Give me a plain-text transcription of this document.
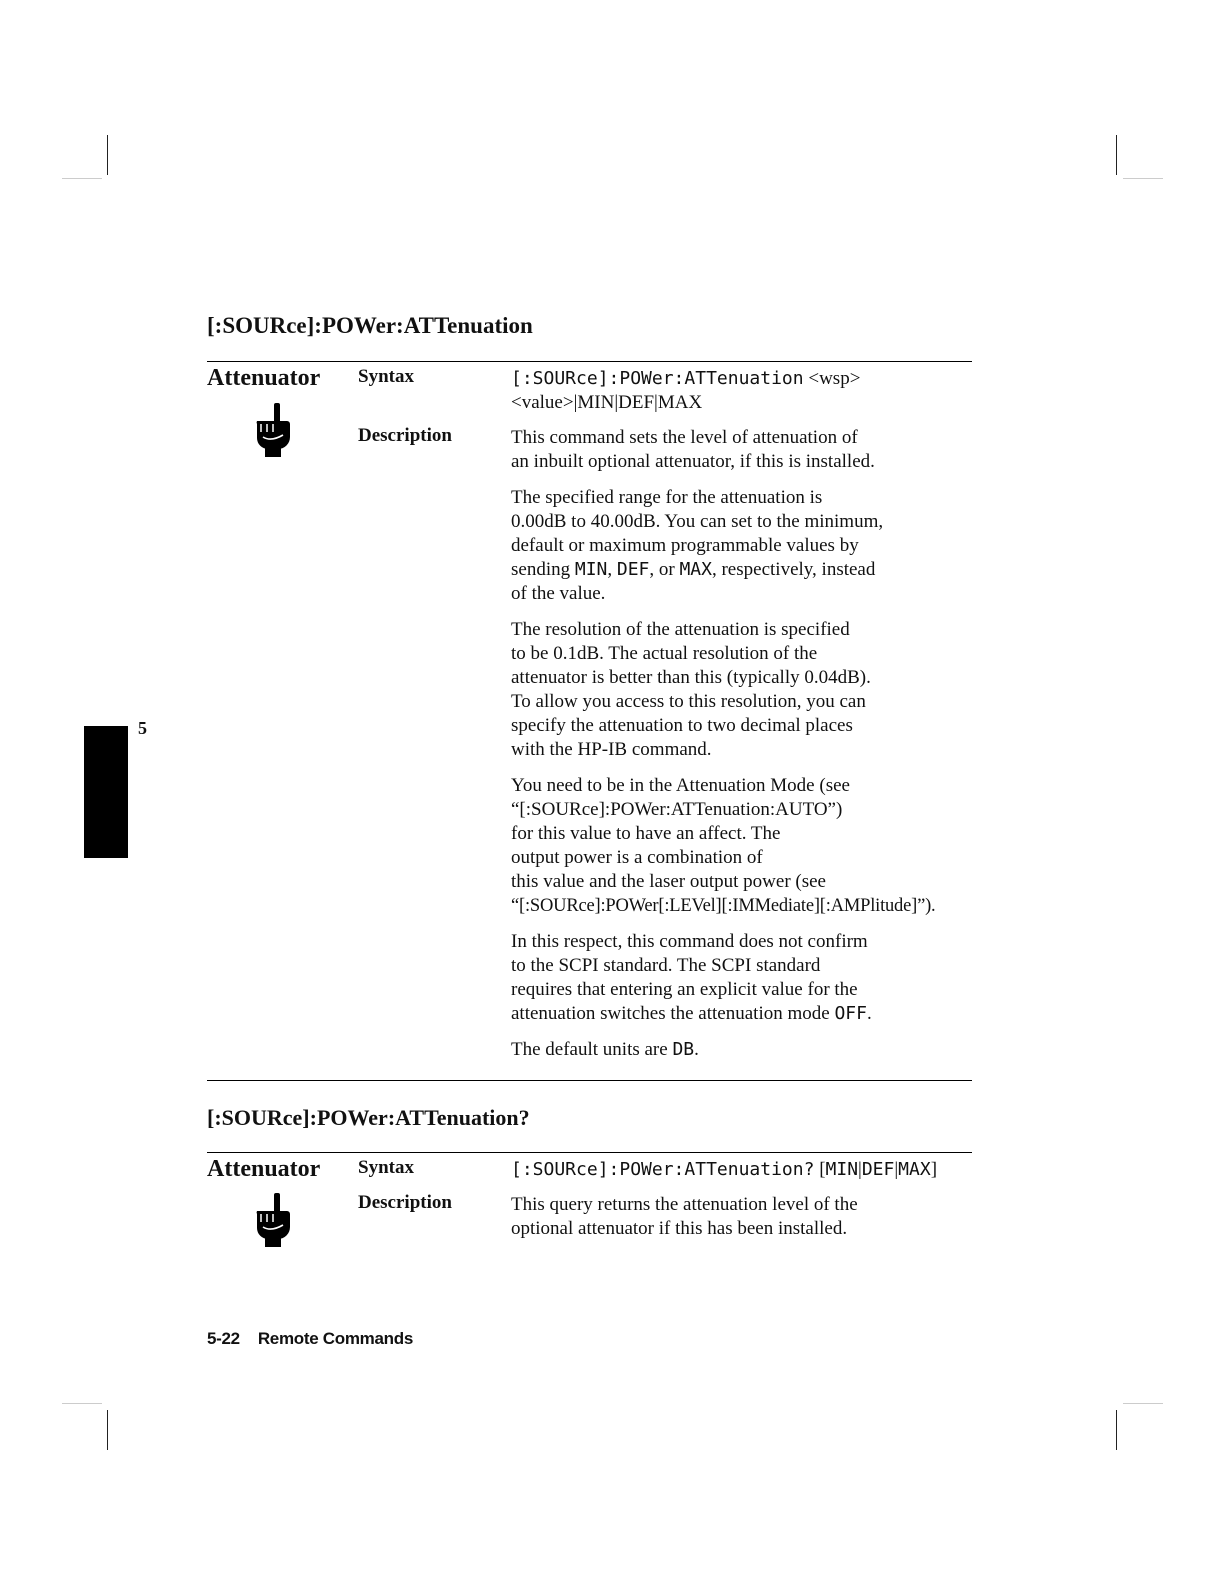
[:SOURce]:POWer:ATTenuation
Attenuator Syntax	[:SOURce]:POWer:ATTenuation <wsp>
<value>|MIN|DEF|MAX
Description	This command sets the level of attenuation of
an inbuilt optional attenuator, if this is installed.

The specified range for the attenuation is
0.00dB to 40.00dB. You can set to the minimum,
default or maximum programmable values by
sending MIN, DEF, or MAX, respectively, instead
of the value.

The resolution of the attenuation is specified
to be 0.1dB. The actual resolution of the
attenuator is better than this (typically 0.04dB).
To allow you access to this resolution, you can
specify the attenuation to two decimal places
with the HP-IB command.

You need to be in the Attenuation Mode (see
“[:SOURce]:POWer:ATTenuation:AUTO”)
for this value to have an affect. The
output power is a combination of
this value and the laser output power (see
“[:SOURce]:POWer[:LEVel][:IMMediate][:AMPlitude]”).

In this respect, this command does not confirm
to the SCPI standard. The SCPI standard
requires that entering an explicit value for the
attenuation switches the attenuation mode OFF.

The default units are DB.

[:SOURce]:POWer:ATTenuation?
Attenuator Syntax	[:SOURce]:POWer:ATTenuation? [MIN|DEF|MAX]
Description	This query returns the attenuation level of the
optional attenuator if this has been installed.

5
5-22 Remote Commands
